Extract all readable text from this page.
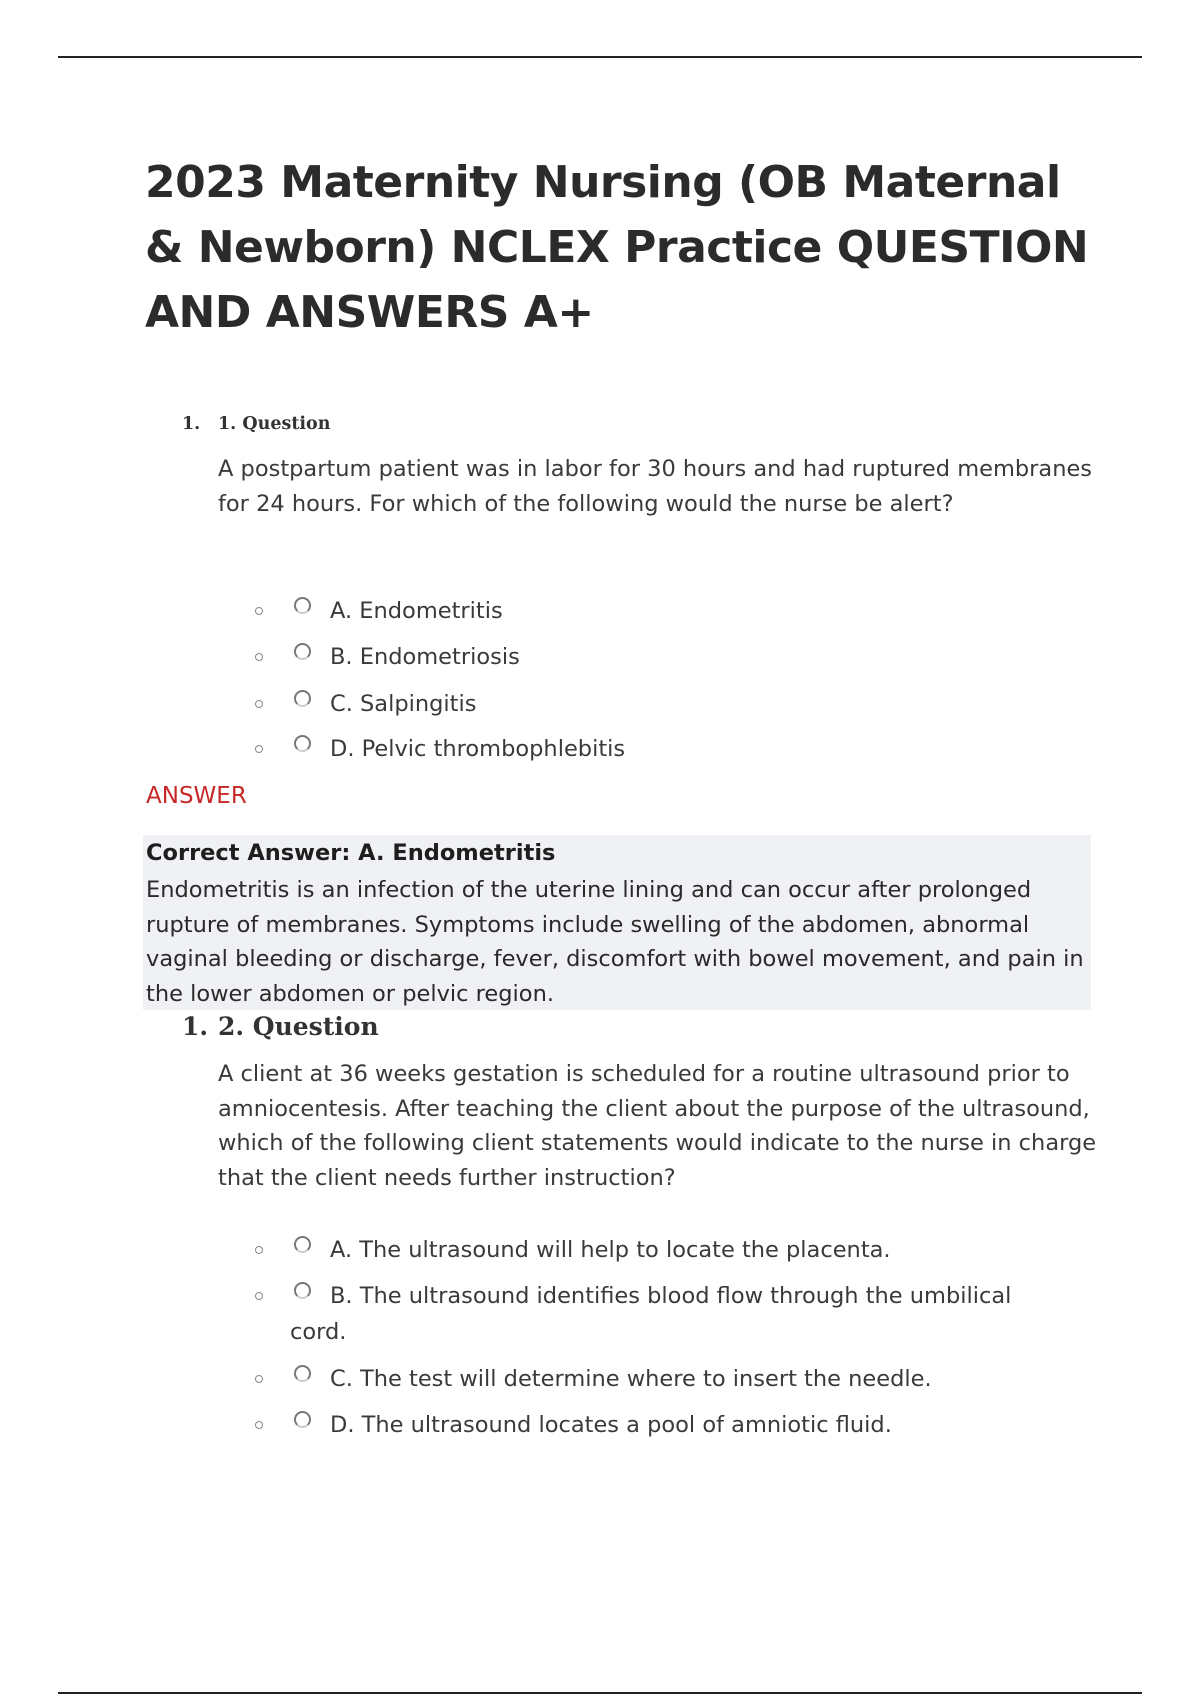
2023 Maternity Nursing (OB Maternal & Newborn) NCLEX Practice QUESTION AND ANSWERS A+
1. 1. Question

A postpartum patient was in labor for 30 hours and had ruptured membranes for 24 hours. For which of the following would the nurse be alert?

A. Endometritis
B. Endometriosis
C. Salpingitis
D. Pelvic thrombophlebitis
ANSWER
Correct Answer: A. Endometritis

Endometritis is an infection of the uterine lining and can occur after prolonged rupture of membranes. Symptoms include swelling of the abdomen, abnormal vaginal bleeding or discharge, fever, discomfort with bowel movement, and pain in the lower abdomen or pelvic region.

1. 2. Question

A client at 36 weeks gestation is scheduled for a routine ultrasound prior to amniocentesis. After teaching the client about the purpose of the ultrasound, which of the following client statements would indicate to the nurse in charge that the client needs further instruction?

A. The ultrasound will help to locate the placenta.
B. The ultrasound identifies blood flow through the umbilical cord.
C. The test will determine where to insert the needle.
D. The ultrasound locates a pool of amniotic fluid.
